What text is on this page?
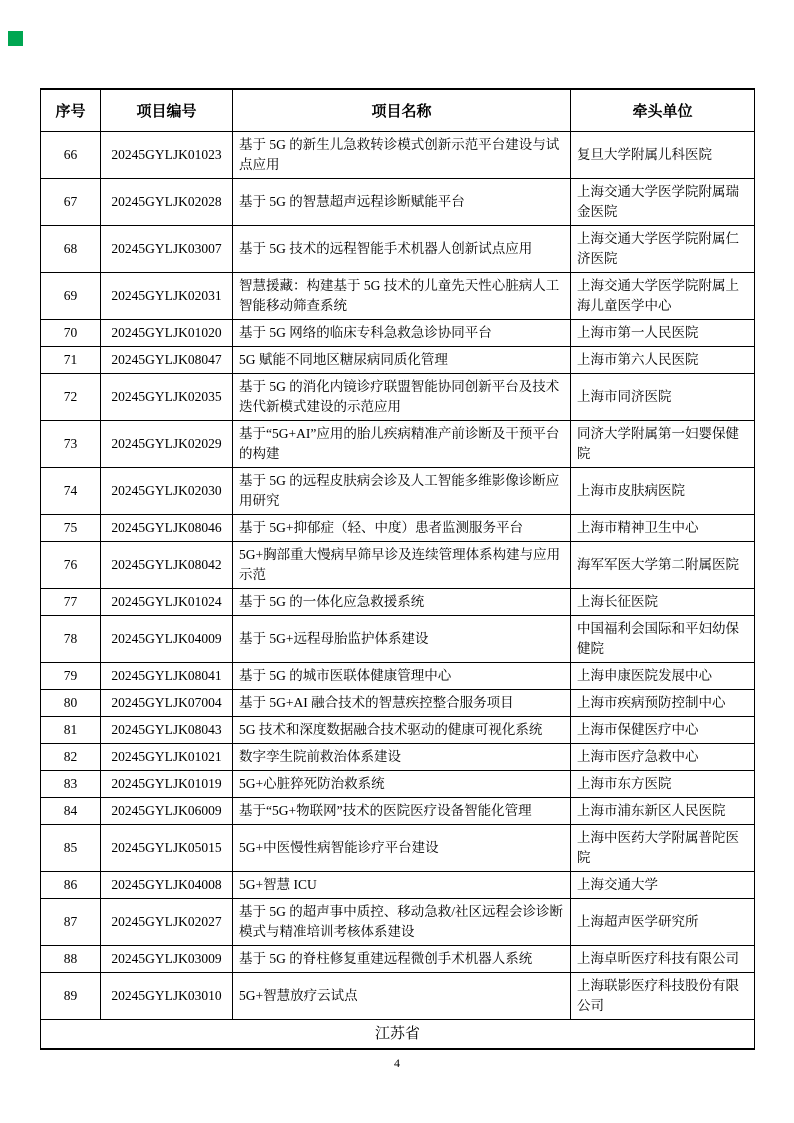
序号	项目编号	项目名称	牵头单位
66	20245GYLJK01023	基于 5G 的新生儿急救转诊模式创新示范平台建设与试点应用	复旦大学附属儿科医院
67	20245GYLJK02028	基于 5G 的智慧超声远程诊断赋能平台	上海交通大学医学院附属瑞金医院
68	20245GYLJK03007	基于 5G 技术的远程智能手术机器人创新试点应用	上海交通大学医学院附属仁济医院
69	20245GYLJK02031	智慧援藏：构建基于 5G 技术的儿童先天性心脏病人工智能移动筛查系统	上海交通大学医学院附属上海儿童医学中心
70	20245GYLJK01020	基于 5G 网络的临床专科急救急诊协同平台	上海市第一人民医院
71	20245GYLJK08047	5G 赋能不同地区糖尿病同质化管理	上海市第六人民医院
72	20245GYLJK02035	基于 5G 的消化内镜诊疗联盟智能协同创新平台及技术迭代新模式建设的示范应用	上海市同济医院
73	20245GYLJK02029	基于“5G+AI”应用的胎儿疾病精准产前诊断及干预平台的构建	同济大学附属第一妇婴保健院
74	20245GYLJK02030	基于 5G 的远程皮肤病会诊及人工智能多维影像诊断应用研究	上海市皮肤病医院
75	20245GYLJK08046	基于 5G+抑郁症（轻、中度）患者监测服务平台	上海市精神卫生中心
76	20245GYLJK08042	5G+胸部重大慢病早筛早诊及连续管理体系构建与应用示范	海军军医大学第二附属医院
77	20245GYLJK01024	基于 5G 的一体化应急救援系统	上海长征医院
78	20245GYLJK04009	基于 5G+远程母胎监护体系建设	中国福利会国际和平妇幼保健院
79	20245GYLJK08041	基于 5G 的城市医联体健康管理中心	上海申康医院发展中心
80	20245GYLJK07004	基于 5G+AI 融合技术的智慧疾控整合服务项目	上海市疾病预防控制中心
81	20245GYLJK08043	5G 技术和深度数据融合技术驱动的健康可视化系统	上海市保健医疗中心
82	20245GYLJK01021	数字孪生院前救治体系建设	上海市医疗急救中心
83	20245GYLJK01019	5G+心脏猝死防治救系统	上海市东方医院
84	20245GYLJK06009	基于“5G+物联网”技术的医院医疗设备智能化管理	上海市浦东新区人民医院
85	20245GYLJK05015	5G+中医慢性病智能诊疗平台建设	上海中医药大学附属普陀医院
86	20245GYLJK04008	5G+智慧 ICU	上海交通大学
87	20245GYLJK02027	基于 5G 的超声事中质控、移动急救/社区远程会诊诊断模式与精准培训考核体系建设	上海超声医学研究所
88	20245GYLJK03009	基于 5G 的脊柱修复重建远程微创手术机器人系统	上海卓昕医疗科技有限公司
89	20245GYLJK03010	5G+智慧放疗云试点	上海联影医疗科技股份有限公司
江苏省			
4
